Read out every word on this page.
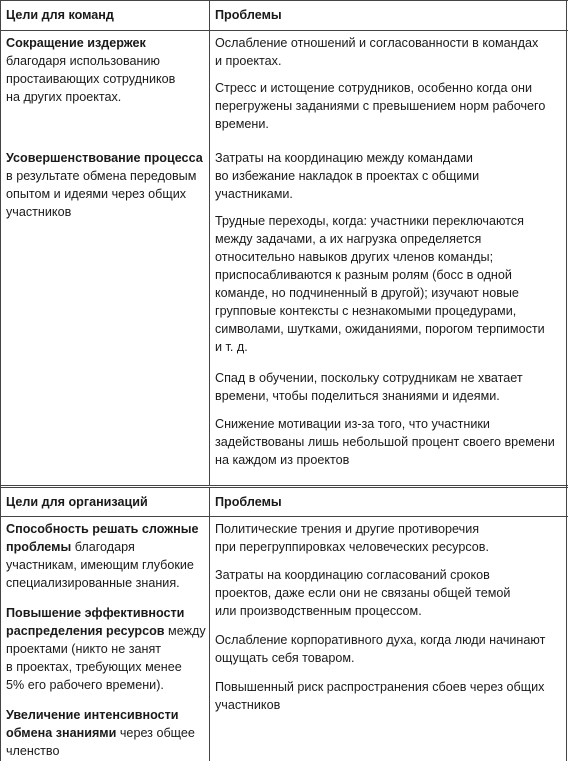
Цели для команд	Проблемы
Сокращение издержек благодаря использованию
простаивающих сотрудников
на других проектах.
Усовершенствование процесса
в результате обмена передовым
опытом и идеями через общих
участников
Ослабление отношений и согласованности в командах
и проектах.
Стресс и истощение сотрудников, особенно когда они
перегружены заданиями с превышением норм рабочего
времени.
Затраты на координацию между командами
во избежание накладок в проектах с общими
участниками.
Трудные переходы, когда: участники переключаются
между задачами, а их нагрузка определяется
относительно навыков других членов команды;
приспосабливаются к разным ролям (босс в одной
команде, но подчиненный в другой); изучают новые
групповые контексты с незнакомыми процедурами,
символами, шутками, ожиданиями, порогом терпимости
и т. д.
Спад в обучении, поскольку сотрудникам не хватает
времени, чтобы поделиться знаниями и идеями.
Снижение мотивации из-за того, что участники
задействованы лишь небольшой процент своего времени
на каждом из проектов
Цели для организаций	Проблемы
Способность решать сложные
проблемы благодаря
участникам, имеющим глубокие
специализированные знания.
Повышение эффективности
распределения ресурсов между
проектами (никто не занят
в проектах, требующих менее
5% его рабочего времени).
Увеличение интенсивности
обмена знаниями через общее
членство
Политические трения и другие противоречия
при перегруппировках человеческих ресурсов.
Затраты на координацию согласований сроков
проектов, даже если они не связаны общей темой
или производственным процессом.
Ослабление корпоративного духа, когда люди начинают
ощущать себя товаром.
Повышенный риск распространения сбоев через общих
участников
